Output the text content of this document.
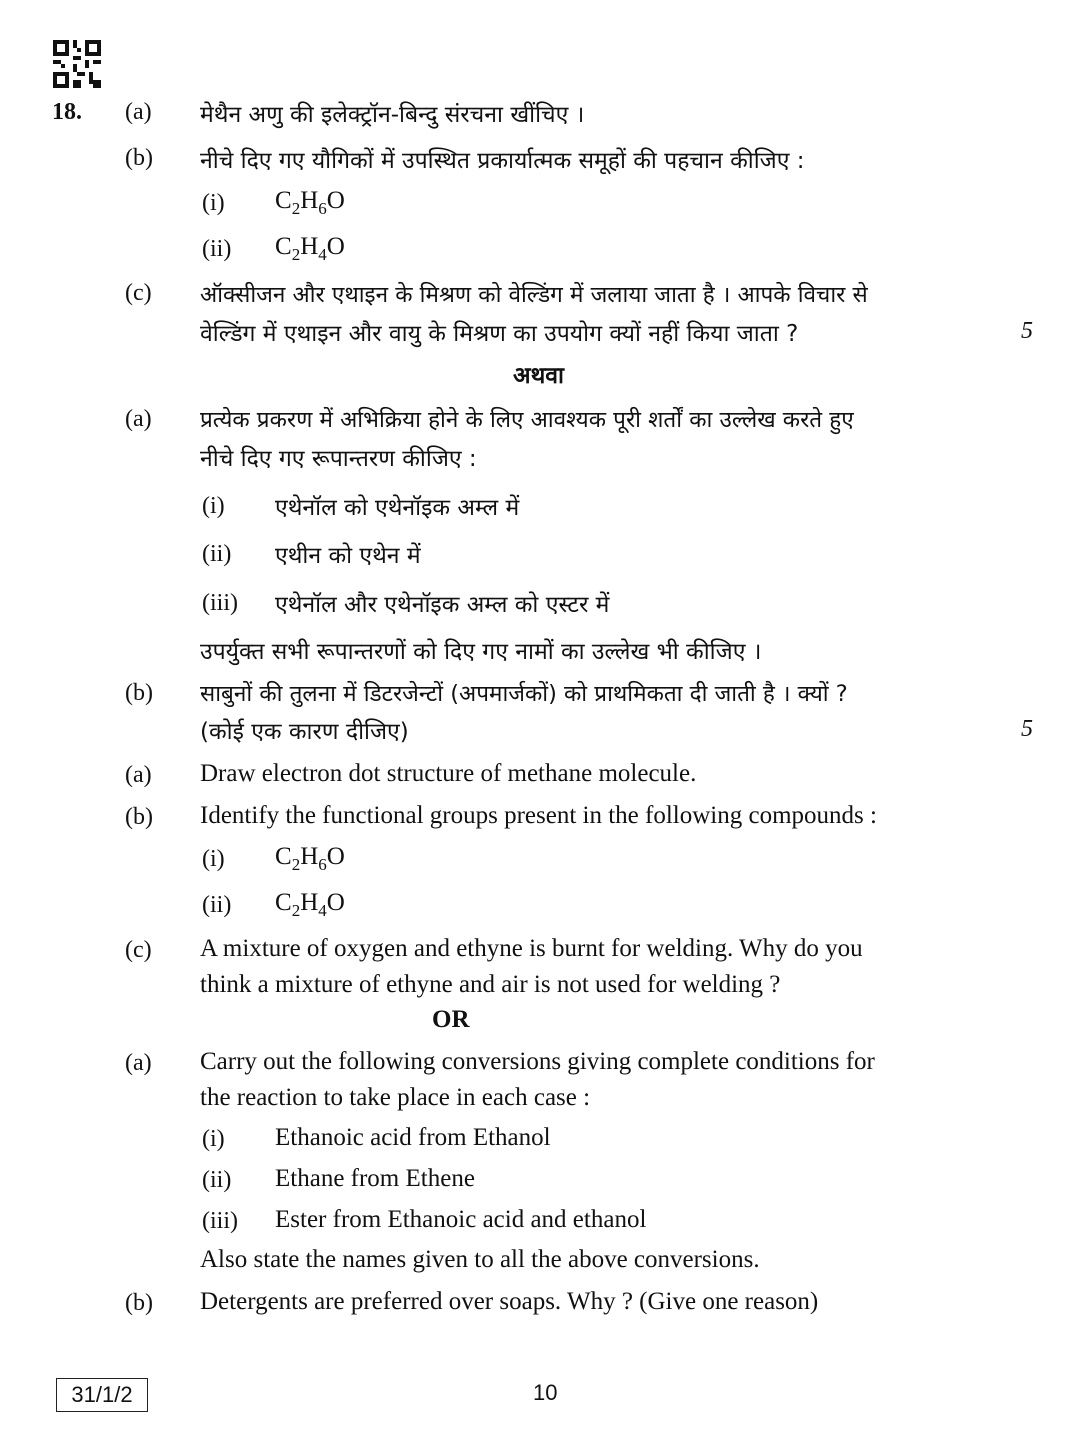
18. (a) मेथैन अणु की इलेक्ट्रॉन-बिन्दु संरचना खींचिए ।
(b) नीचे दिए गए यौगिकों में उपस्थित प्रकार्यात्मक समूहों की पहचान कीजिए :
(i) $C_2H_6O$
(ii) $C_2H_4O$
(c) ऑक्सीजन और एथाइन के मिश्रण को वेल्डिंग में जलाया जाता है । आपके विचार से
वेल्डिंग में एथाइन और वायु के मिश्रण का उपयोग क्यों नहीं किया जाता ?	5
अथवा
(a) प्रत्येक प्रकरण में अभिक्रिया होने के लिए आवश्यक पूरी शर्तों का उल्लेख करते हुए
नीचे दिए गए रूपान्तरण कीजिए :
(i) एथेनॉल को एथेनॉइक अम्ल में
(ii) एथीन को एथेन में
(iii) एथेनॉल और एथेनॉइक अम्ल को एस्टर में
उपर्युक्त सभी रूपान्तरणों को दिए गए नामों का उल्लेख भी कीजिए ।
(b) साबुनों की तुलना में डिटरजेन्टों (अपमार्जकों) को प्राथमिकता दी जाती है । क्यों ?
(कोई एक कारण दीजिए)	5
(a) Draw electron dot structure of methane molecule.
(b) Identify the functional groups present in the following compounds :
(i) $C_2H_6O$
(ii) $C_2H_4O$
(c) A mixture of oxygen and ethyne is burnt for welding. Why do you
think a mixture of ethyne and air is not used for welding ?
OR
(a) Carry out the following conversions giving complete conditions for
the reaction to take place in each case :
(i) Ethanoic acid from Ethanol
(ii) Ethane from Ethene
(iii) Ester from Ethanoic acid and ethanol
Also state the names given to all the above conversions.
(b) Detergents are preferred over soaps. Why ? (Give one reason)
31/1/2	10
